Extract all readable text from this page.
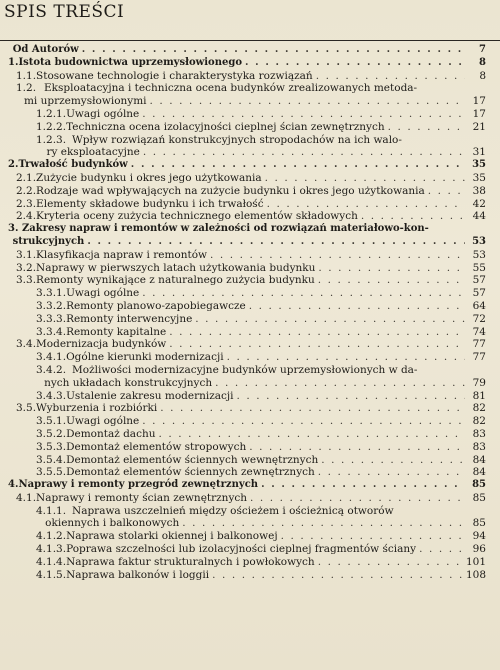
SPIS TREŚCI
Od Autorów . . .	7
1. Istota budownictwa uprzemysłowionego . . .	8
1.1. Stosowane technologie i charakterystyka rozwiązań . . .	8
1.2. Eksploatacyjna i techniczna ocena budynków zrealizowanych metoda-
mi uprzemysłowionymi . . .	17
1.2.1. Uwagi ogólne . . .	17
1.2.2. Techniczna ocena izolacyjności cieplnej ścian zewnętrznych . . .	21
1.2.3. Wpływ rozwiązań konstrukcyjnych stropodachów na ich walo-
ry eksploatacyjne . . .	31
2. Trwałość budynków . . .	35
2.1. Zużycie budynku i okres jego użytkowania . . .	35
2.2. Rodzaje wad wpływających na zużycie budynku i okres jego użytkowania . . .	38
2.3. Elementy składowe budynku i ich trwałość . . .	42
2.4. Kryteria oceny zużycia technicznego elementów składowych . . .	44
3. Zakresy napraw i remontów w zależności od rozwiązań materiałowo-kon-
strukcyjnych . . .	53
3.1. Klasyfikacja napraw i remontów . . .	53
3.2. Naprawy w pierwszych latach użytkowania budynku . . .	55
3.3. Remonty wynikające z naturalnego zużycia budynku . . .	57
3.3.1. Uwagi ogólne . . .	57
3.3.2. Remonty planowo-zapobiegawcze . . .	64
3.3.3. Remonty interwencyjne . . .	72
3.3.4. Remonty kapitalne . . .	74
3.4. Modernizacja budynków . . .	77
3.4.1. Ogólne kierunki modernizacji . . .	77
3.4.2. Możliwości modernizacyjne budynków uprzemysłowionych w da-
nych układach konstrukcyjnych . . .	79
3.4.3. Ustalenie zakresu modernizacji . . .	81
3.5. Wyburzenia i rozbiórki . . .	82
3.5.1. Uwagi ogólne . . .	82
3.5.2. Demontaż dachu . . .	83
3.5.3. Demontaż elementów stropowych . . .	83
3.5.4. Demontaż elementów ściennych wewnętrznych . . .	84
3.5.5. Demontaż elementów ściennych zewnętrznych . . .	84
4. Naprawy i remonty przegród zewnętrznych . . .	85
4.1. Naprawy i remonty ścian zewnętrznych . . .	85
4.1.1. Naprawa uszczelnień między ościeżem i ościeżnicą otworów
okiennych i balkonowych . . .	85
4.1.2. Naprawa stolarki okiennej i balkonowej . . .	94
4.1.3. Poprawa szczelności lub izolacyjności cieplnej fragmentów ściany . . .	96
4.1.4. Naprawa faktur strukturalnych i powłokowych . . .	101
4.1.5. Naprawa balkonów i loggii . . .	108
